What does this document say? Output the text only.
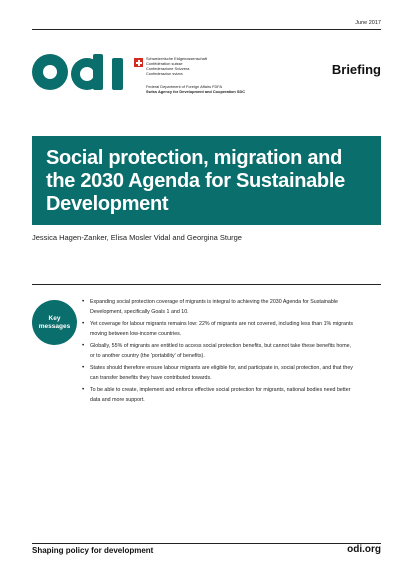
June 2017
Schweizerische Eidgenossenschaft
Confédération suisse
Confederazione Svizzera
Confederaziun svizra
Federal Department of Foreign Affairs FDFA
Swiss Agency for Development and Cooperation SDC
Briefing
Social protection, migration and the 2030 Agenda for Sustainable Development
Jessica Hagen-Zanker, Elisa Mosler Vidal and Georgina Sturge
Key
messages
• Expanding social protection coverage of migrants is integral to achieving the 2030 Agenda for Sustainable Development, specifically Goals 1 and 10.
• Yet coverage for labour migrants remains low: 22% of migrants are not covered, including less than 1% migrants moving between low-income countries.
• Globally, 55% of migrants are entitled to access social protection benefits, but cannot take these benefits home, or to another country (the 'portability' of benefits).
• States should therefore ensure labour migrants are eligible for, and participate in, social protection, and that they can transfer benefits they have contributed towards.
• To be able to create, implement and enforce effective social protection for migrants, national bodies need better data and more support.
Shaping policy for development	odi.org
